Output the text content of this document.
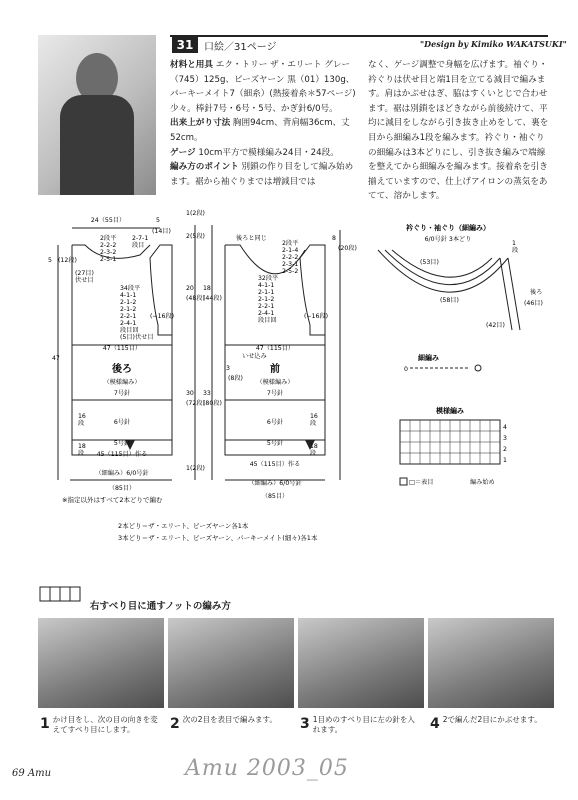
31	口絵／31ページ	"Design by Kimiko WAKATSUKI"
材料と用具 エク・トリー ザ・エリート グレー（745）125g、ビーズヤーン 黒（01）130g、パーキーメイト7（細糸）(熱接着糸＊57ページ) 少々。棒針7号・6号・5号、かぎ針6/0号。
出来上がり寸法 胸囲94cm、背肩幅36cm、丈52cm。
ゲージ 10cm平方で模様編み24目・24段。
編み方のポイント 別鎖の作り目をして編み始めます。裾から袖ぐりまでは増減目では
なく、ゲージ調整で身幅を広げます。袖ぐり・衿ぐりは伏せ目と端1目を立てる減目で編みます。肩はかぶせはぎ、脇はすくいとじで合わせます。裾は別鎖をほどきながら前後続けて、平均に減目をしながら引き抜き止めをして、裏を目から細編み1段を編みます。衿ぐり・袖ぐりの細編みは3本どりにし、引き抜き編みで端線を整えてから細編みを編みます。接着糸を引き揃えていますので、仕上げアイロンの蒸気をあてて、溶かします。
24（55目）	5
(14目)
5 (12段)
(27目)伏せ目
2段平 2-2-2 2-3-2 2-5-1
2-7-1 段目
34段平 4-1-1 2-1-2 2-1-2 2-2-1 2-4-1 段目回(5目)伏せ目
(−16段)
47（115目）
47
後ろ
（模様編み）
7号針
6号針
5号針
16 段
18 段 45（115目）作る
（細編み）6/0号針
（85目）
1 (2段)
20
(48段)
18
(44段)
30
(72段)
33
(80段)
2 (5段)
1 (2段)
3
(8段)
後ろと同じ
2段平 2-1-4 2-2-2 2-3-1 2-5-2
32段平 4-1-1 2-1-1 2-1-2 2-2-1 2-4-1 段目回
8
(20段)
(−16段)
47（115目）
いせ込み
前
（模様編み）
7号針
6号針
5号針
16 段
18 段
45（115目）作る
（細編み）6/0号針
（85目）
衿ぐり・袖ぐり（細編み）
6/0号針 3本どり
(53目)
(58目)
(42目)
後ろ
(46目)
1 段
細編み
0
模様編み
4
3
2
1
□＝表目	編み始め
※指定以外はすべて2本どりで編む
2本どり＝ザ・エリート、ビーズヤーン各1本
3本どり＝ザ・エリート、ビーズヤーン、パーキーメイト(細々)各1本
右すべり目に通すノットの編み方
1 かけ目をし、次の目の向きを変えてすべり目にします。	2 次の2目を表目で編みます。	3 1目めのすべり目に左の針を入れます。	4 2で編んだ2目にかぶせます。
69 Amu	Amu 2003_05
